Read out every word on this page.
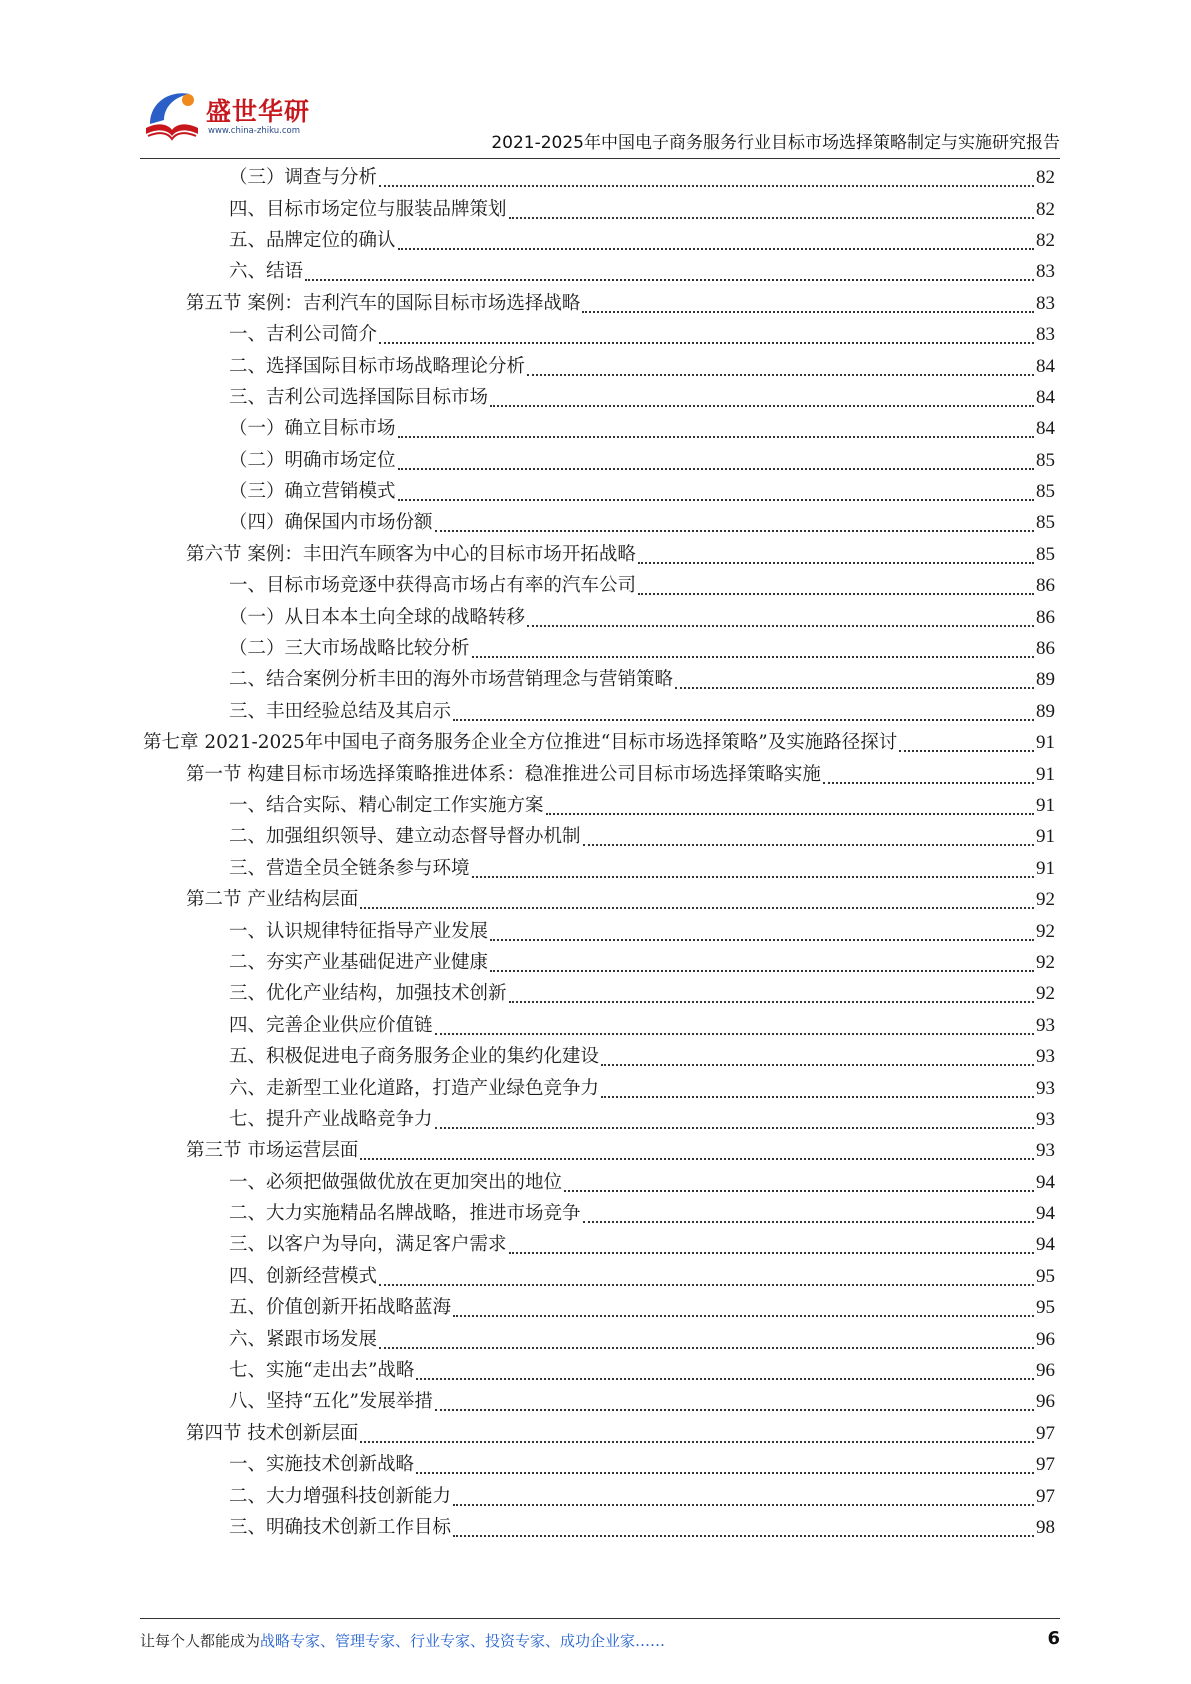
盛世华研
www.china-zhiku.com
2021-2025年中国电子商务服务行业目标市场选择策略制定与实施研究报告
（三）调查与分析	82
四、目标市场定位与服装品牌策划	82
五、品牌定位的确认	82
六、结语	83
第五节 案例：吉利汽车的国际目标市场选择战略	83
一、吉利公司简介	83
二、选择国际目标市场战略理论分析	84
三、吉利公司选择国际目标市场	84
（一）确立目标市场	84
（二）明确市场定位	85
（三）确立营销模式	85
（四）确保国内市场份额	85
第六节 案例：丰田汽车顾客为中心的目标市场开拓战略	85
一、目标市场竞逐中获得高市场占有率的汽车公司	86
（一）从日本本土向全球的战略转移	86
（二）三大市场战略比较分析	86
二、结合案例分析丰田的海外市场营销理念与营销策略	89
三、丰田经验总结及其启示	89
第七章 2021-2025年中国电子商务服务企业全方位推进“目标市场选择策略”及实施路径探讨	91
第一节 构建目标市场选择策略推进体系：稳准推进公司目标市场选择策略实施	91
一、结合实际、精心制定工作实施方案	91
二、加强组织领导、建立动态督导督办机制	91
三、营造全员全链条参与环境	91
第二节 产业结构层面	92
一、认识规律特征指导产业发展	92
二、夯实产业基础促进产业健康	92
三、优化产业结构，加强技术创新	92
四、完善企业供应价值链	93
五、积极促进电子商务服务企业的集约化建设	93
六、走新型工业化道路，打造产业绿色竞争力	93
七、提升产业战略竞争力	93
第三节 市场运营层面	93
一、必须把做强做优放在更加突出的地位	94
二、大力实施精品名牌战略，推进市场竞争	94
三、以客户为导向，满足客户需求	94
四、创新经营模式	95
五、价值创新开拓战略蓝海	95
六、紧跟市场发展	96
七、实施“走出去”战略	96
八、坚持“五化”发展举措	96
第四节 技术创新层面	97
一、实施技术创新战略	97
二、大力增强科技创新能力	97
三、明确技术创新工作目标	98
让每个人都能成为战略专家、管理专家、行业专家、投资专家、成功企业家……	6
